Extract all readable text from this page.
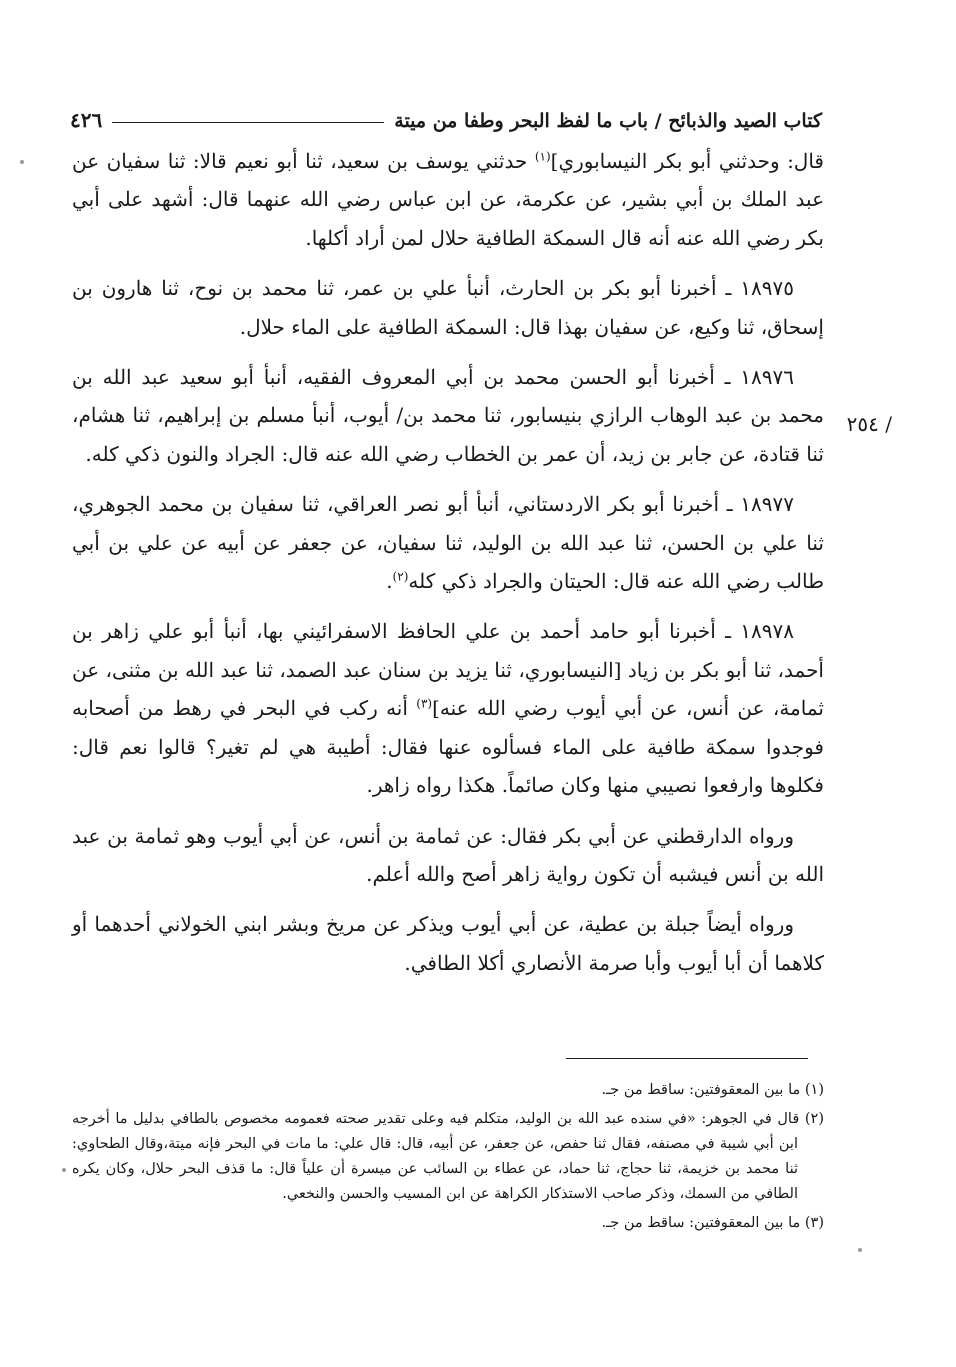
كتاب الصيد والذبائح / باب ما لفظ البحر وطفا من ميتة
٤٢٦
/ ٢٥٤

قال: وحدثني أبو بكر النيسابوري]$^{(١)}$ حدثني يوسف بن سعيد، ثنا أبو نعيم قالا: ثنا سفيان عن عبد الملك بن أبي بشير، عن عكرمة، عن ابن عباس رضي الله عنهما قال: أشهد على أبي بكر رضي الله عنه أنه قال السمكة الطافية حلال لمن أراد أكلها.

١٨٩٧٥ ـ أخبرنا أبو بكر بن الحارث، أنبأ علي بن عمر، ثنا محمد بن نوح، ثنا هارون بن إسحاق، ثنا وكيع، عن سفيان بهذا قال: السمكة الطافية على الماء حلال.

١٨٩٧٦ ـ أخبرنا أبو الحسن محمد بن أبي المعروف الفقيه، أنبأ أبو سعيد عبد الله بن محمد بن عبد الوهاب الرازي بنيسابور، ثنا محمد بن/ أيوب، أنبأ مسلم بن إبراهيم، ثنا هشام، ثنا قتادة، عن جابر بن زيد، أن عمر بن الخطاب رضي الله عنه قال: الجراد والنون ذكي كله.

١٨٩٧٧ ـ أخبرنا أبو بكر الاردستاني، أنبأ أبو نصر العراقي، ثنا سفيان بن محمد الجوهري، ثنا علي بن الحسن، ثنا عبد الله بن الوليد، ثنا سفيان، عن جعفر عن أبيه عن علي بن أبي طالب رضي الله عنه قال: الحيتان والجراد ذكي كله$^{(٢)}$.

١٨٩٧٨ ـ أخبرنا أبو حامد أحمد بن علي الحافظ الاسفرائيني بها، أنبأ أبو علي زاهر بن أحمد، ثنا أبو بكر بن زياد [النيسابوري، ثنا يزيد بن سنان عبد الصمد، ثنا عبد الله بن مثنى، عن ثمامة، عن أنس، عن أبي أيوب رضي الله عنه]$^{(٣)}$ أنه ركب في البحر في رهط من أصحابه فوجدوا سمكة طافية على الماء فسألوه عنها فقال: أطيبة هي لم تغير؟ قالوا نعم قال: فكلوها وارفعوا نصيبي منها وكان صائماً. هكذا رواه زاهر.

ورواه الدارقطني عن أبي بكر فقال: عن ثمامة بن أنس، عن أبي أيوب وهو ثمامة بن عبد الله بن أنس فيشبه أن تكون رواية زاهر أصح والله أعلم.

ورواه أيضاً جبلة بن عطية، عن أبي أيوب ويذكر عن مريخ وبشر ابني الخولاني أحدهما أو كلاهما أن أبا أيوب وأبا صرمة الأنصاري أكلا الطافي.

(١) ما بين المعقوفتين: ساقط من جـ.

(٢) قال في الجوهر: «في سنده عبد الله بن الوليد، متكلم فيه وعلى تقدير صحته فعمومه مخصوص بالطافي بدليل ما أخرجه ابن أبي شيبة في مصنفه، فقال ثنا حفص، عن جعفر، عن أبيه، قال: قال علي: ما مات في البحر فإنه ميتة،وقال الطحاوي: ثنا محمد بن خزيمة، ثنا حجاج، ثنا حماد، عن عطاء بن السائب عن ميسرة أن علياً قال: ما قذف البحر حلال، وكان يكره الطافي من السمك، وذكر صاحب الاستذكار الكراهة عن ابن المسيب والحسن والنخعي.

(٣) ما بين المعقوفتين: ساقط من جـ.
